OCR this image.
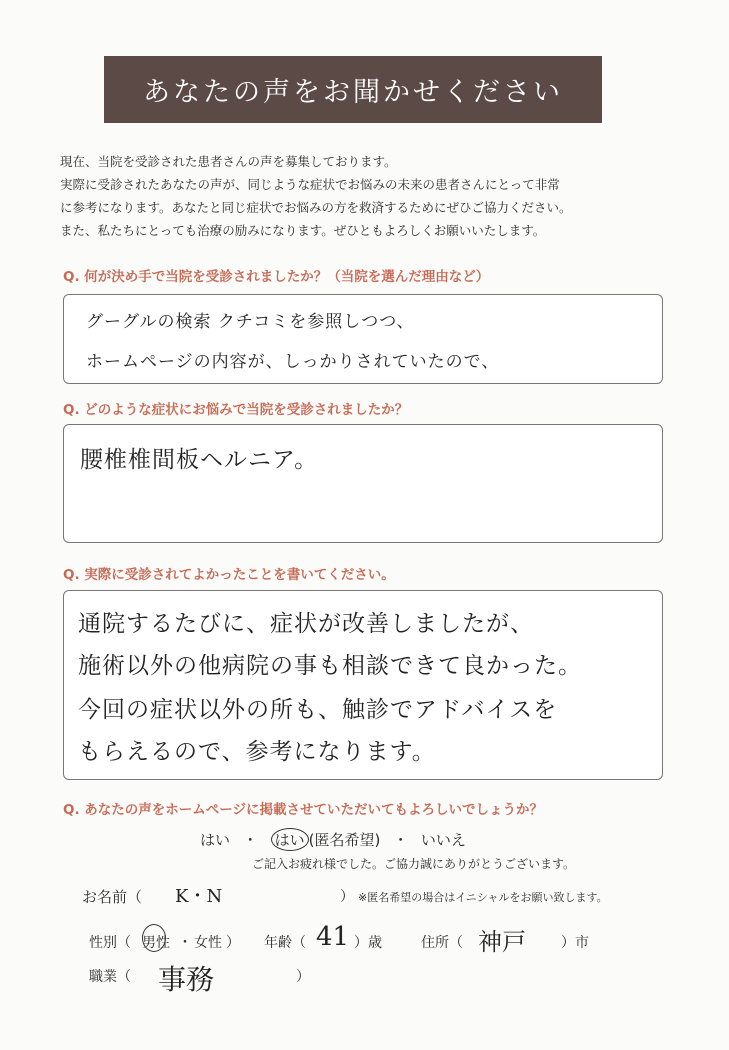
あなたの声をお聞かせください
現在、当院を受診された患者さんの声を募集しております。
実際に受診されたあなたの声が、同じような症状でお悩みの未来の患者さんにとって非常
に参考になります。あなたと同じ症状でお悩みの方を救済するためにぜひご協力ください。
また、私たちにとっても治療の励みになります。ぜひともよろしくお願いいたします。
Q. 何が決め手で当院を受診されましたか？（当院を選んだ理由など）
グーグルの検索 クチコミを参照しつつ、
ホームページの内容が、しっかりされていたので、
Q. どのような症状にお悩みで当院を受診されましたか？
腰椎椎間板ヘルニア。
Q. 実際に受診されてよかったことを書いてください。
通院するたびに、症状が改善しましたが、
施術以外の他病院の事も相談できて良かった。
今回の症状以外の所も、触診でアドバイスを
もらえるので、参考になります。
Q. あなたの声をホームページに掲載させていただいてもよろしいでしょうか？
はい ・ はい (匿名希望) ・ いいえ
ご記入お疲れ様でした。ご協力誠にありがとうございます。
お名前（ K・N	） ※匿名希望の場合はイニシャルをお願い致します。
性別（ 男性 ・ 女性 ） 年齢（ 41 ）歳	住所（ 神戸	）市
職業（ 事務	）
